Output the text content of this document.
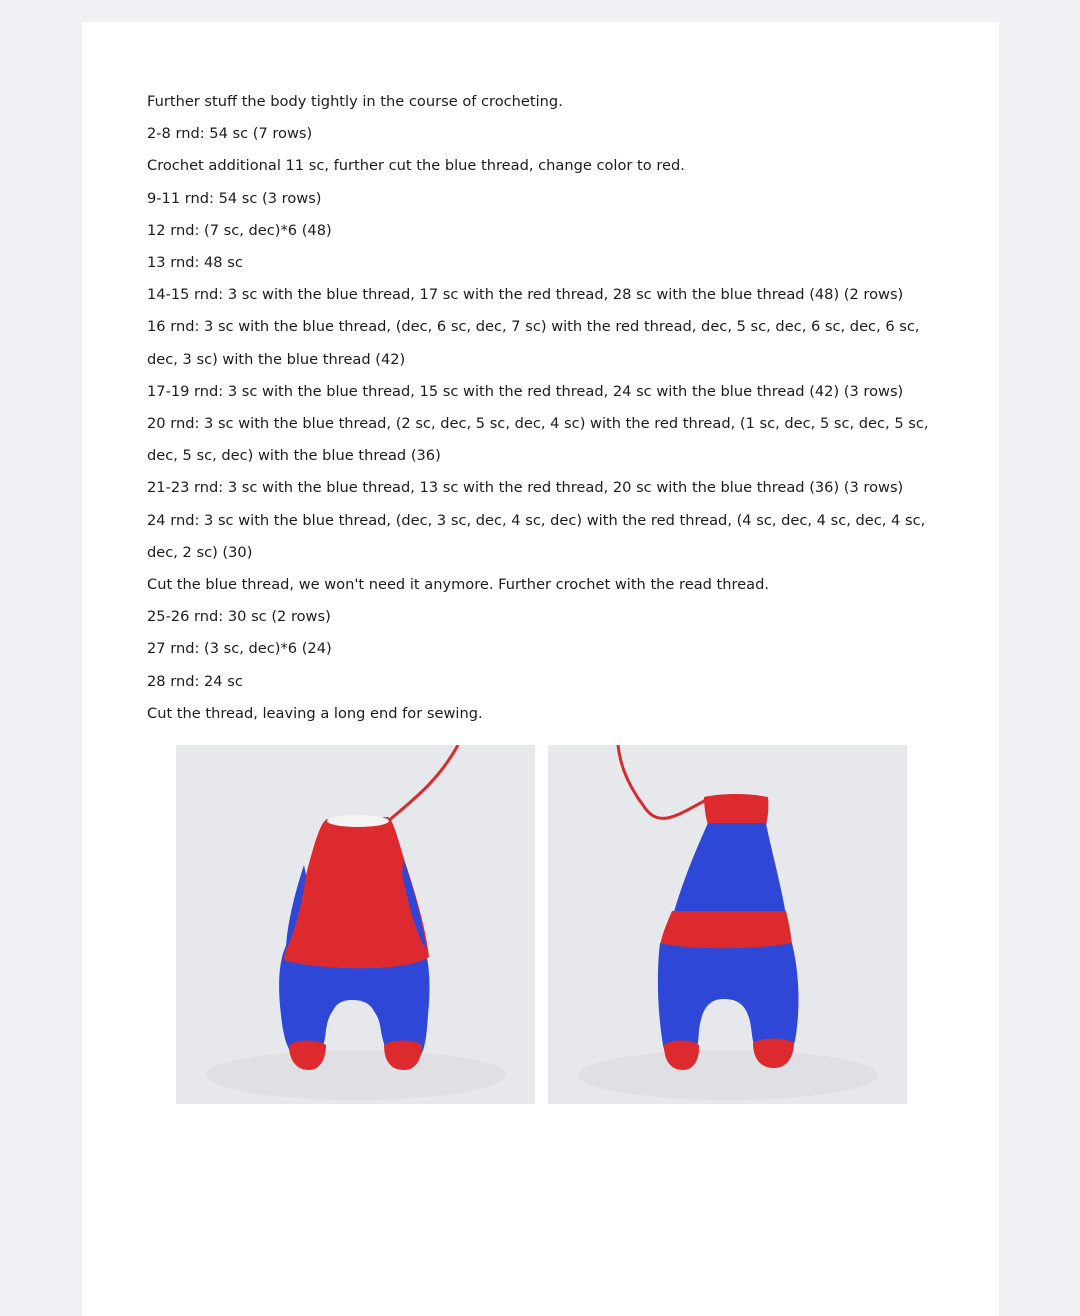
Further stuff the body tightly in the course of crocheting.
2-8 rnd: 54 sc (7 rows)
Crochet additional 11 sc, further cut the blue thread, change color to red.
9-11 rnd: 54 sc (3 rows)
12 rnd: (7 sc, dec)*6 (48)
13 rnd: 48 sc
14-15 rnd: 3 sc with the blue thread, 17 sc with the red thread, 28 sc with the blue thread (48) (2 rows)
16 rnd: 3 sc with the blue thread, (dec, 6 sc, dec, 7 sc) with the red thread, dec, 5 sc, dec, 6 sc, dec, 6 sc,
dec, 3 sc) with the blue thread (42)
17-19 rnd: 3 sc with the blue thread, 15 sc with the red thread, 24 sc with the blue thread (42) (3 rows)
20 rnd: 3 sc with the blue thread, (2 sc, dec, 5 sc, dec, 4 sc) with the red thread, (1 sc, dec, 5 sc, dec, 5 sc,
dec, 5 sc, dec) with the blue thread (36)
21-23 rnd: 3 sc with the blue thread, 13 sc with the red thread, 20 sc with the blue thread (36) (3 rows)
24 rnd: 3 sc with the blue thread, (dec, 3 sc, dec, 4 sc, dec) with the red thread, (4 sc, dec, 4 sc, dec, 4 sc,
dec, 2 sc) (30)
Cut the blue thread, we won't need it anymore. Further crochet with the read thread.
25-26 rnd: 30 sc (2 rows)
27 rnd: (3 sc, dec)*6 (24)
28 rnd: 24 sc
Cut the thread, leaving a long end for sewing.
